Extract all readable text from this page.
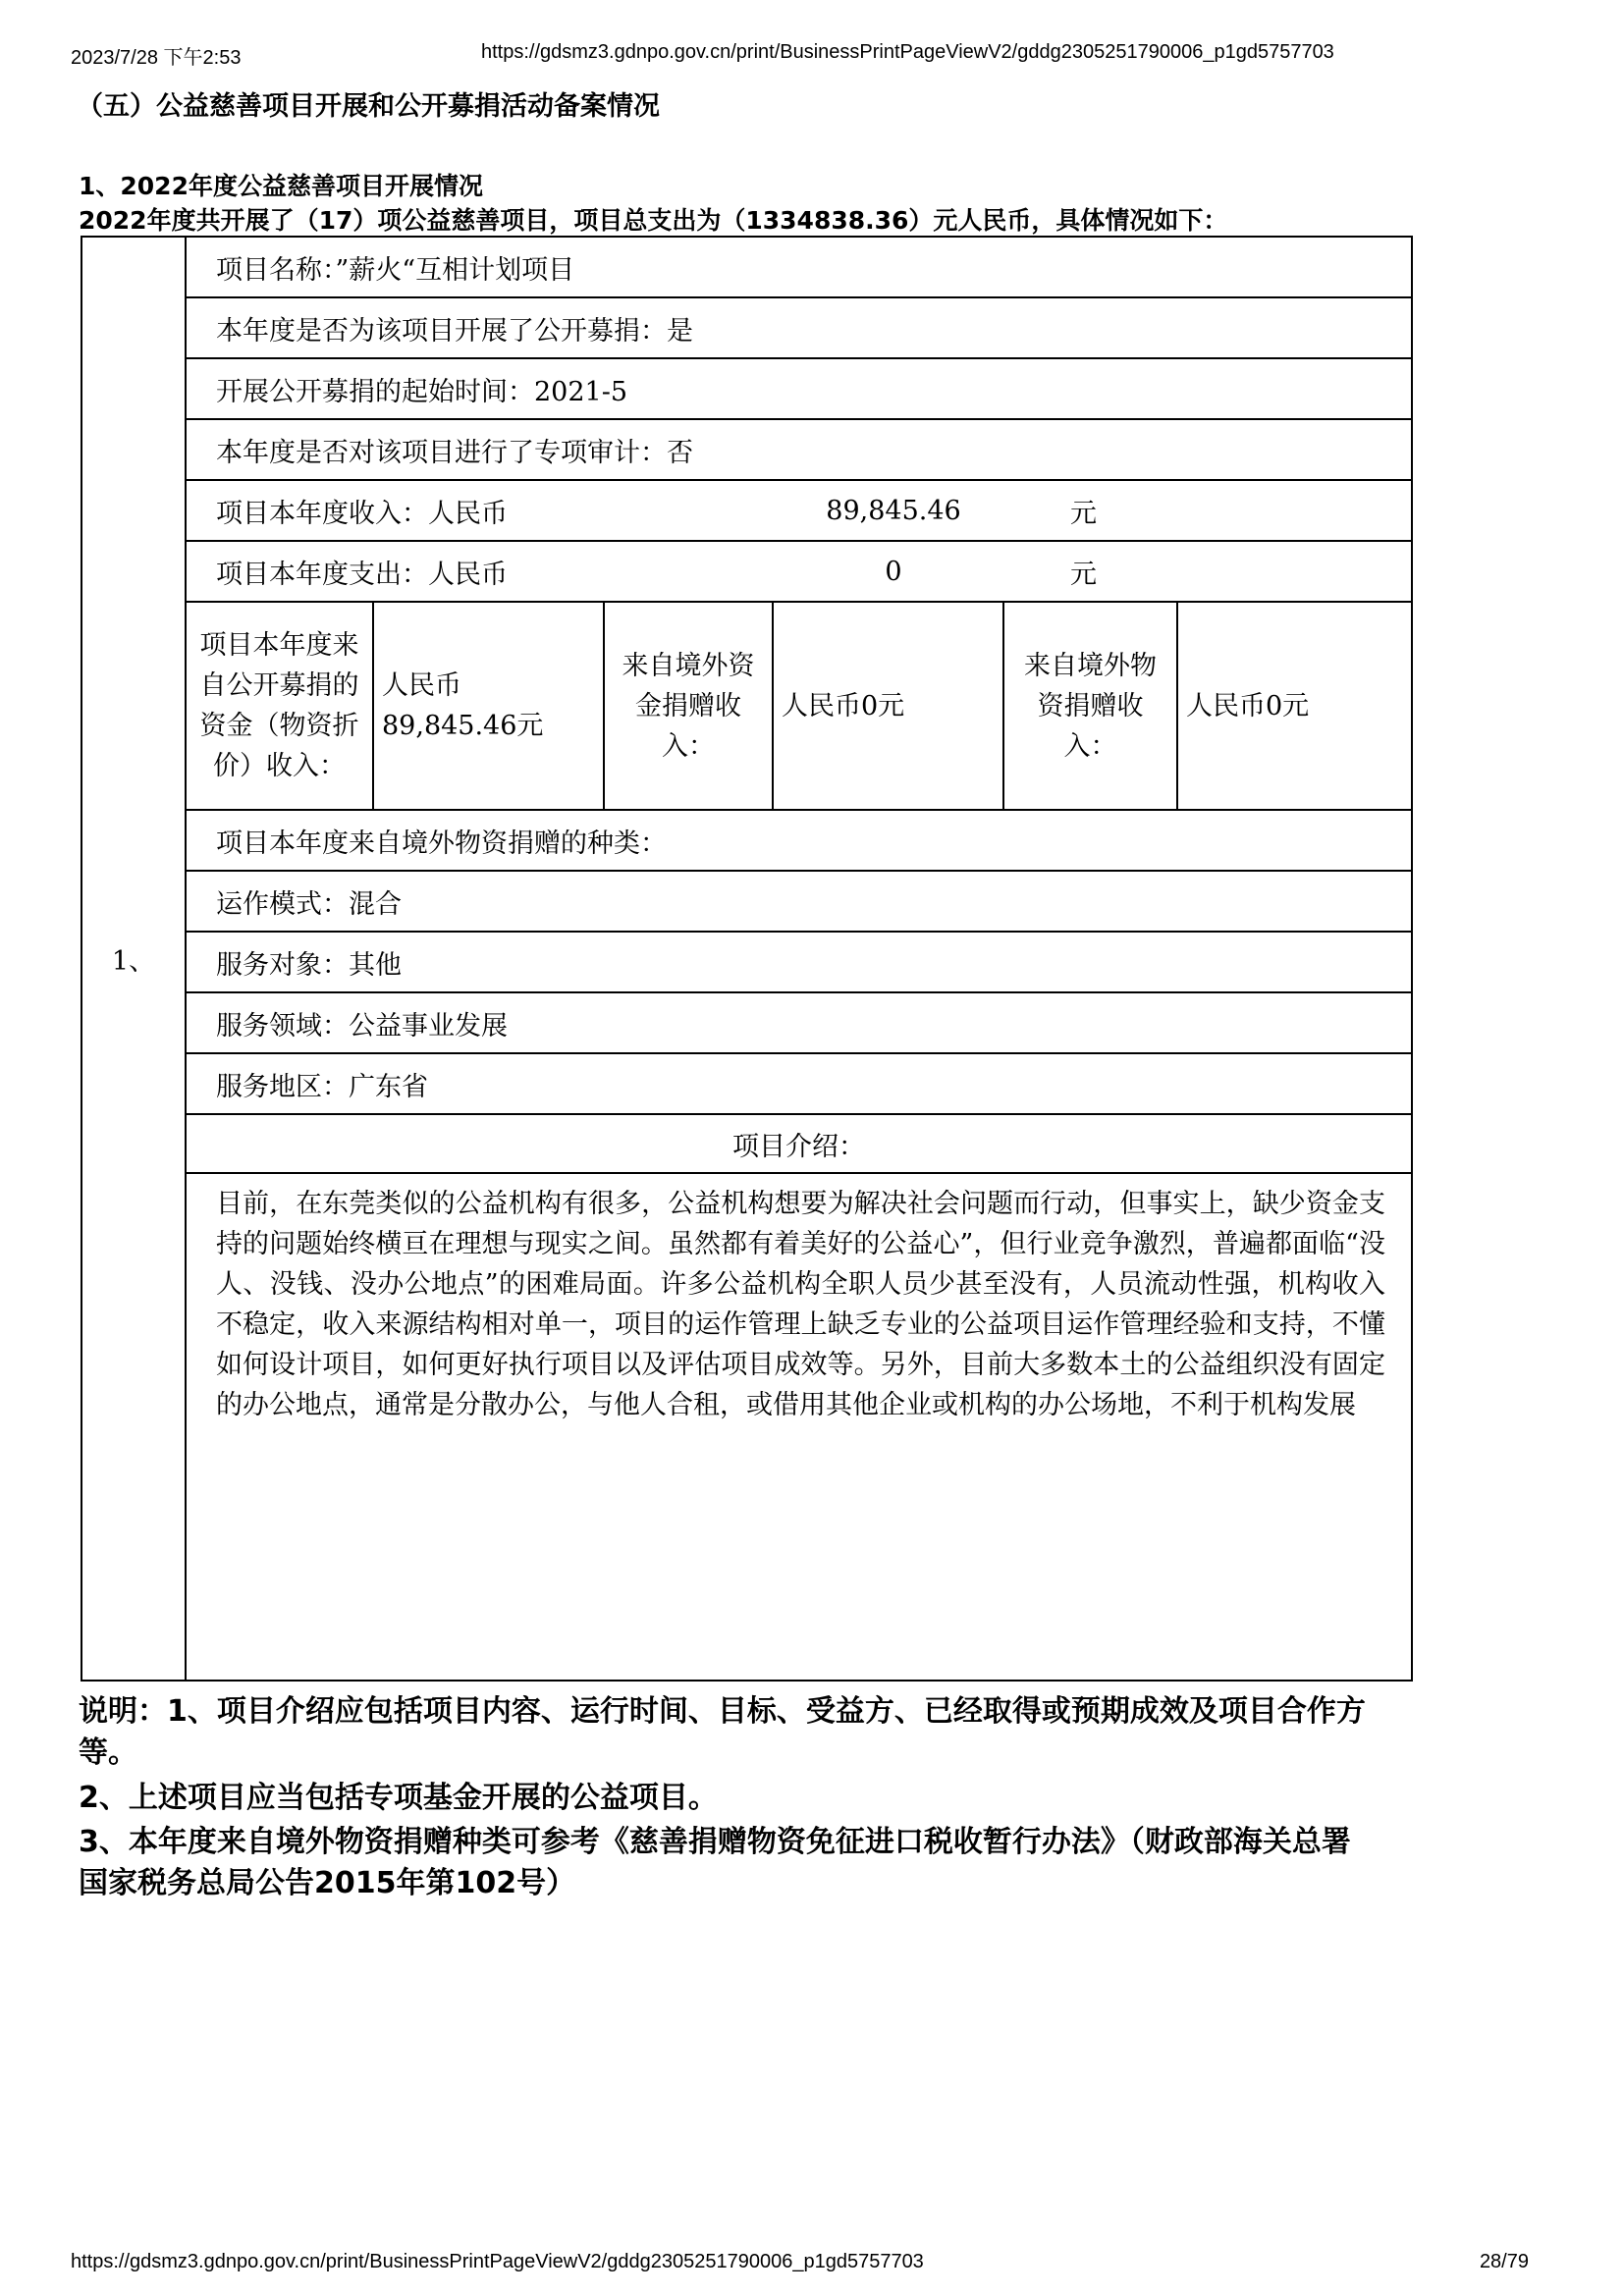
2023/7/28 下午2:53	https://gdsmz3.gdnpo.gov.cn/print/BusinessPrintPageViewV2/gddg2305251790006_p1gd5757703
（五）公益慈善项目开展和公开募捐活动备案情况
1、2022年度公益慈善项目开展情况
2022年度共开展了（17）项公益慈善项目，项目总支出为（1334838.36）元人民币，具体情况如下：
1、	项目名称：”薪火“互相计划项目
本年度是否为该项目开展了公开募捐：是
开展公开募捐的起始时间：2021-5
本年度是否对该项目进行了专项审计：否

项目本年度收入：人民币	89,845.46	元

项目本年度支出：人民币	0	元

项目本年度来自公开募捐的资金（物资折价）收入：	人民币89,845.46元	来自境外资金捐赠收入：	人民币0元	来自境外物资捐赠收入：	人民币0元

项目本年度来自境外物资捐赠的种类：
运作模式：混合
服务对象：其他
服务领域：公益事业发展
服务地区：广东省
项目介绍：
目前，在东莞类似的公益机构有很多，公益机构想要为解决社会问题而行动，但事实上，缺少资金支持的问题始终横亘在理想与现实之间。虽然都有着美好的公益心”，但行业竞争激烈，普遍都面临“没人、没钱、没办公地点”的困难局面。许多公益机构全职人员少甚至没有，人员流动性强，机构收入不稳定，收入来源结构相对单一，项目的运作管理上缺乏专业的公益项目运作管理经验和支持，不懂如何设计项目，如何更好执行项目以及评估项目成效等。另外，目前大多数本土的公益组织没有固定的办公地点，通常是分散办公，与他人合租，或借用其他企业或机构的办公场地，不利于机构发展
说明：1、项目介绍应包括项目内容、运行时间、目标、受益方、已经取得或预期成效及项目合作方等。
2、上述项目应当包括专项基金开展的公益项目。
3、本年度来自境外物资捐赠种类可参考《慈善捐赠物资免征进口税收暂行办法》（财政部海关总署 国家税务总局公告2015年第102号）
https://gdsmz3.gdnpo.gov.cn/print/BusinessPrintPageViewV2/gddg2305251790006_p1gd5757703	28/79
